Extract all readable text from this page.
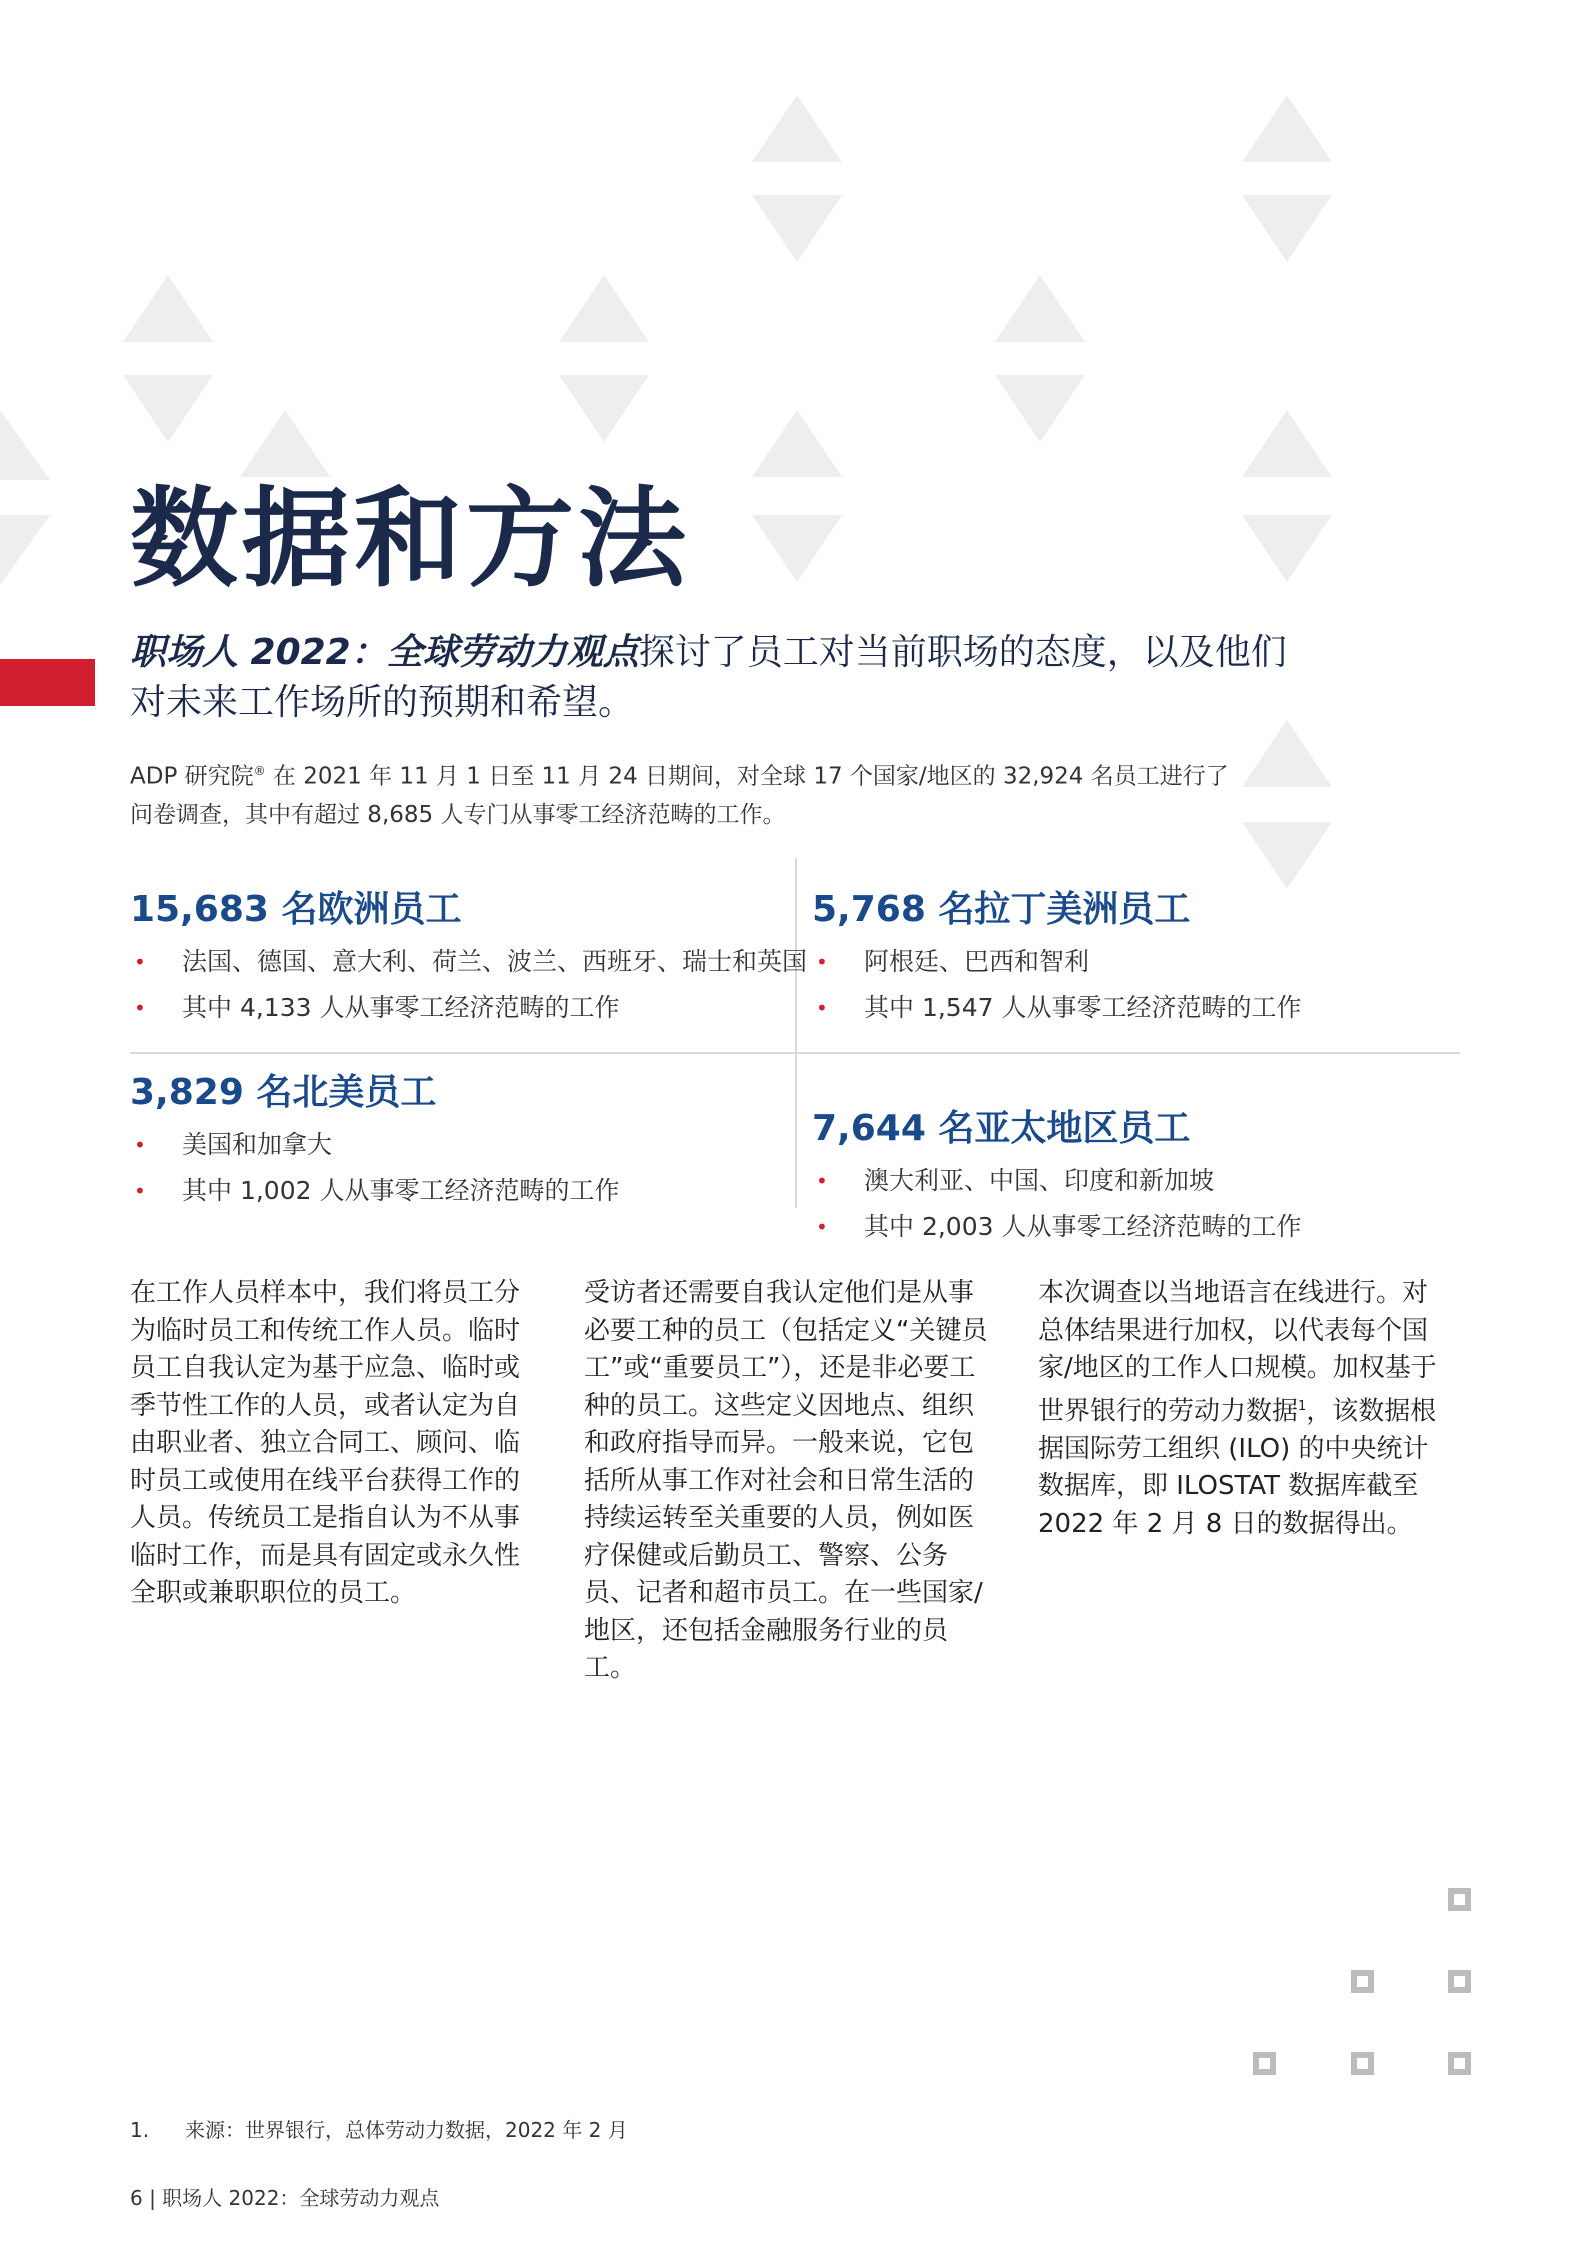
数据和方法

职场人 2022：全球劳动力观点探讨了员工对当前职场的态度，以及他们对未来工作场所的预期和希望。

ADP 研究院® 在 2021 年 11 月 1 日至 11 月 24 日期间，对全球 17 个国家/地区的 32,924 名员工进行了问卷调查，其中有超过 8,685 人专门从事零工经济范畴的工作。

15,683 名欧洲员工
• 法国、德国、意大利、荷兰、波兰、西班牙、瑞士和英国
• 其中 4,133 人从事零工经济范畴的工作
5,768 名拉丁美洲员工
• 阿根廷、巴西和智利
• 其中 1,547 人从事零工经济范畴的工作
3,829 名北美员工
• 美国和加拿大
• 其中 1,002 人从事零工经济范畴的工作
7,644 名亚太地区员工
• 澳大利亚、中国、印度和新加坡
• 其中 2,003 人从事零工经济范畴的工作

在工作人员样本中，我们将员工分为临时员工和传统工作人员。临时员工自我认定为基于应急、临时或季节性工作的人员，或者认定为自由职业者、独立合同工、顾问、临时员工或使用在线平台获得工作的人员。传统员工是指自认为不从事临时工作，而是具有固定或永久性全职或兼职职位的员工。

受访者还需要自我认定他们是从事必要工种的员工（包括定义“关键员工”或“重要员工”），还是非必要工种的员工。这些定义因地点、组织和政府指导而异。一般来说，它包括所从事工作对社会和日常生活的持续运转至关重要的人员，例如医疗保健或后勤员工、警察、公务员、记者和超市员工。在一些国家/地区，还包括金融服务行业的员工。

本次调查以当地语言在线进行。对总体结果进行加权，以代表每个国家/地区的工作人口规模。加权基于世界银行的劳动力数据$^1$，该数据根据国际劳工组织 (ILO) 的中央统计数据库，即 ILOSTAT 数据库截至 2022 年 2 月 8 日的数据得出。

1. 来源：世界银行，总体劳动力数据，2022 年 2 月

6 | 职场人 2022：全球劳动力观点
